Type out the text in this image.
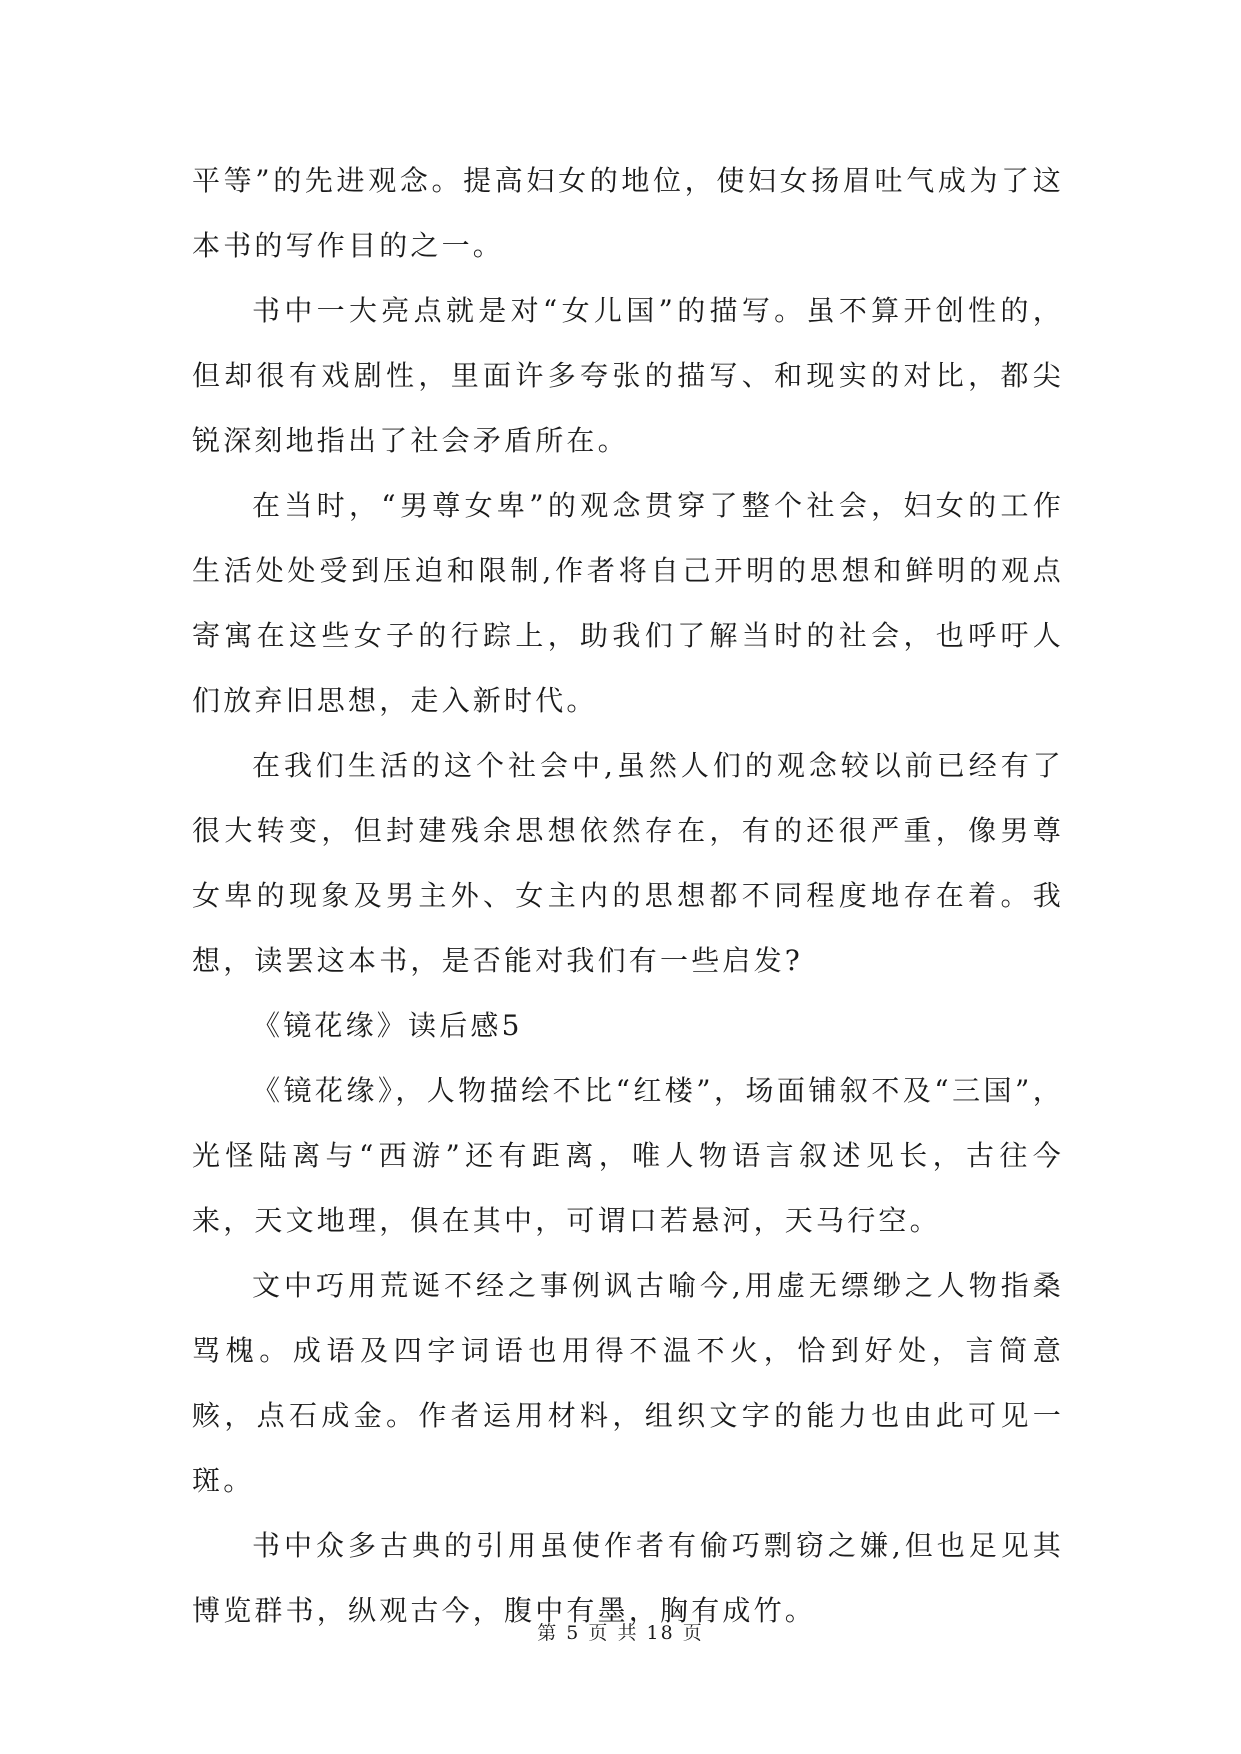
平等”的先进观念。提高妇女的地位，使妇女扬眉吐气成为了这本书的写作目的之一。

书中一大亮点就是对“女儿国”的描写。虽不算开创性的，但却很有戏剧性，里面许多夸张的描写、和现实的对比，都尖锐深刻地指出了社会矛盾所在。

在当时，“男尊女卑”的观念贯穿了整个社会，妇女的工作生活处处受到压迫和限制,作者将自己开明的思想和鲜明的观点寄寓在这些女子的行踪上，助我们了解当时的社会，也呼吁人们放弃旧思想，走入新时代。

在我们生活的这个社会中,虽然人们的观念较以前已经有了很大转变，但封建残余思想依然存在，有的还很严重，像男尊女卑的现象及男主外、女主内的思想都不同程度地存在着。我想，读罢这本书，是否能对我们有一些启发?

《镜花缘》读后感5

《镜花缘》，人物描绘不比“红楼”，场面铺叙不及“三国”，光怪陆离与“西游”还有距离，唯人物语言叙述见长，古往今来，天文地理，俱在其中，可谓口若悬河，天马行空。

文中巧用荒诞不经之事例讽古喻今,用虚无缥缈之人物指桑骂槐。成语及四字词语也用得不温不火，恰到好处，言简意赅，点石成金。作者运用材料，组织文字的能力也由此可见一斑。

书中众多古典的引用虽使作者有偷巧剽窃之嫌,但也足见其博览群书，纵观古今，腹中有墨，胸有成竹。

第 5 页 共 18 页
